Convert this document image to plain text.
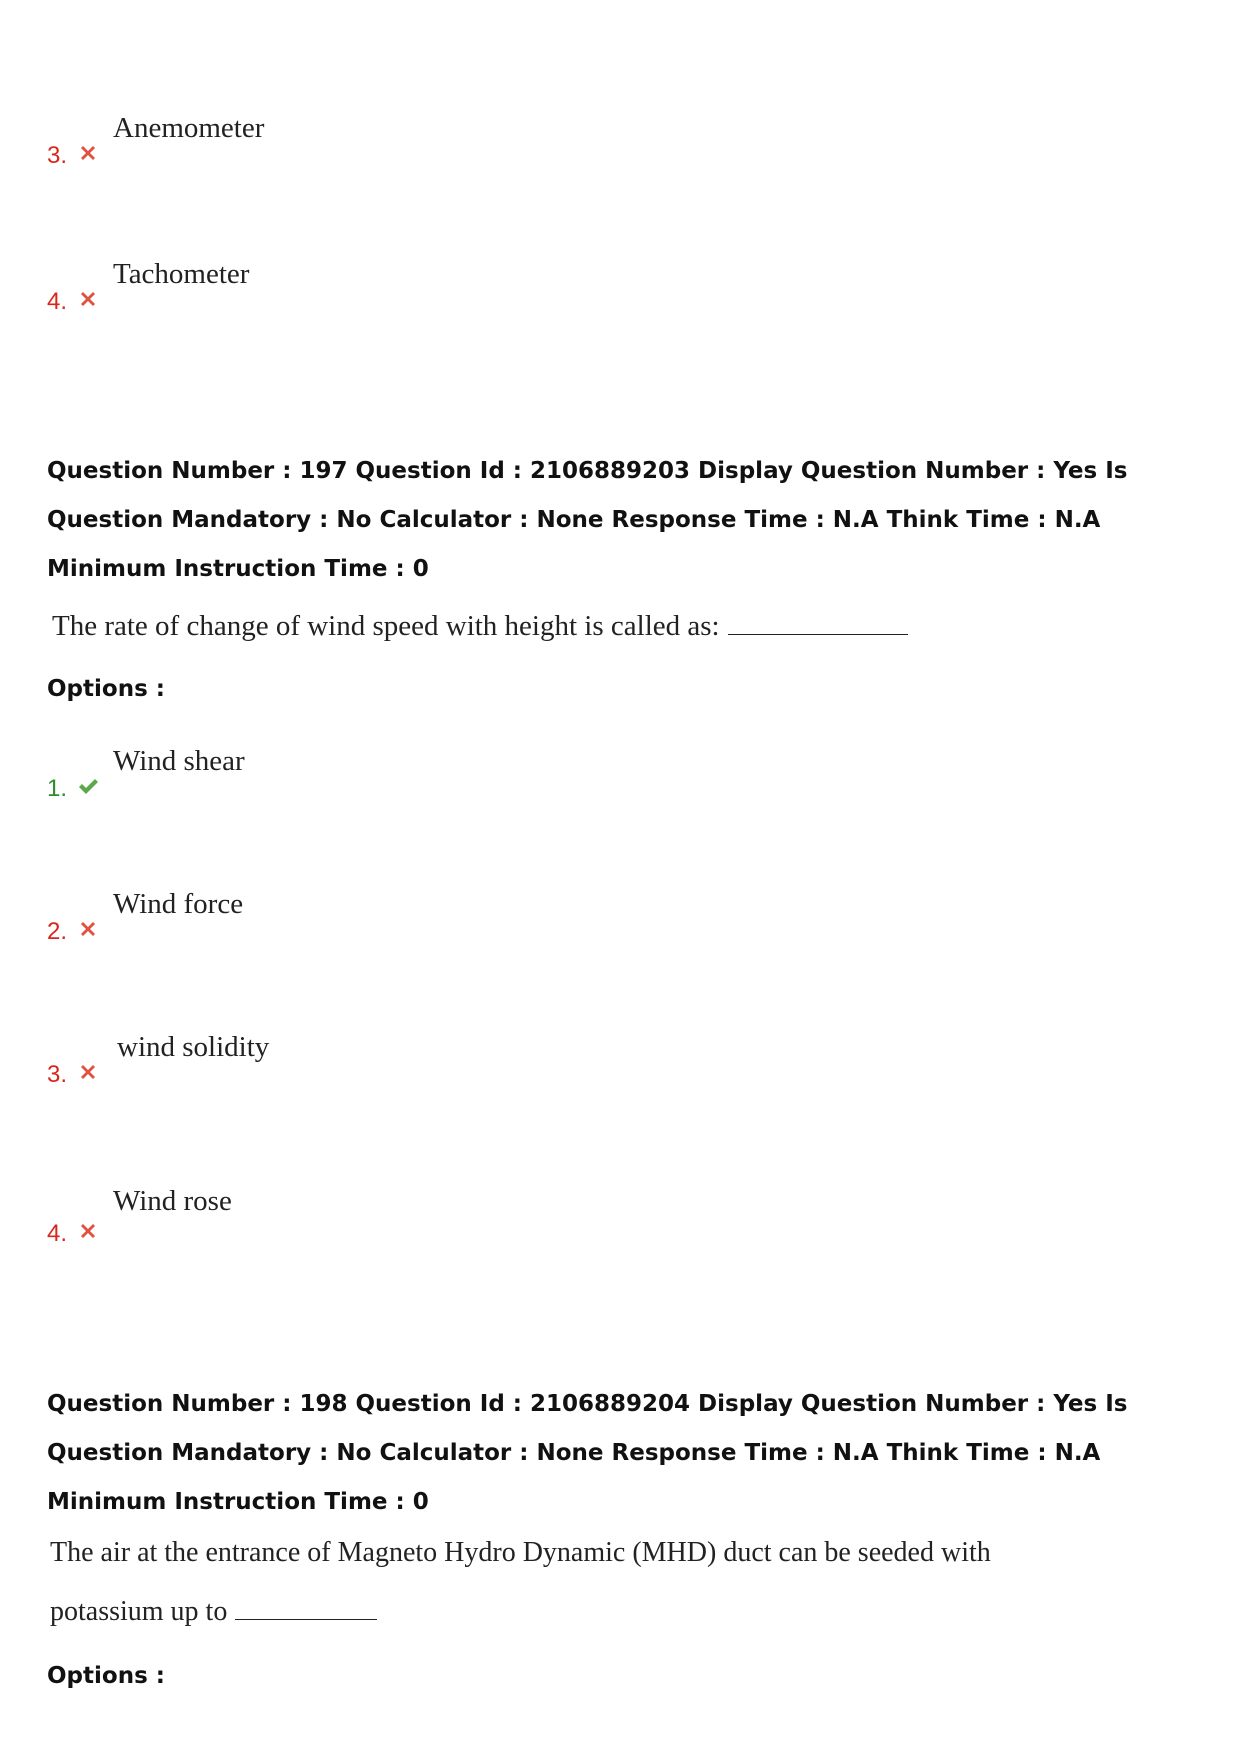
3.
Anemometer
4.
Tachometer
Question Number : 197 Question Id : 2106889203 Display Question Number : Yes Is Question Mandatory : No Calculator : None Response Time : N.A Think Time : N.A Minimum Instruction Time : 0
The rate of change of wind speed with height is called as:
Options :
1.
Wind shear
2.
Wind force
3.
wind solidity
4.
Wind rose
Question Number : 198 Question Id : 2106889204 Display Question Number : Yes Is Question Mandatory : No Calculator : None Response Time : N.A Think Time : N.A Minimum Instruction Time : 0
The air at the entrance of Magneto Hydro Dynamic (MHD) duct can be seeded with
potassium up to
Options :
